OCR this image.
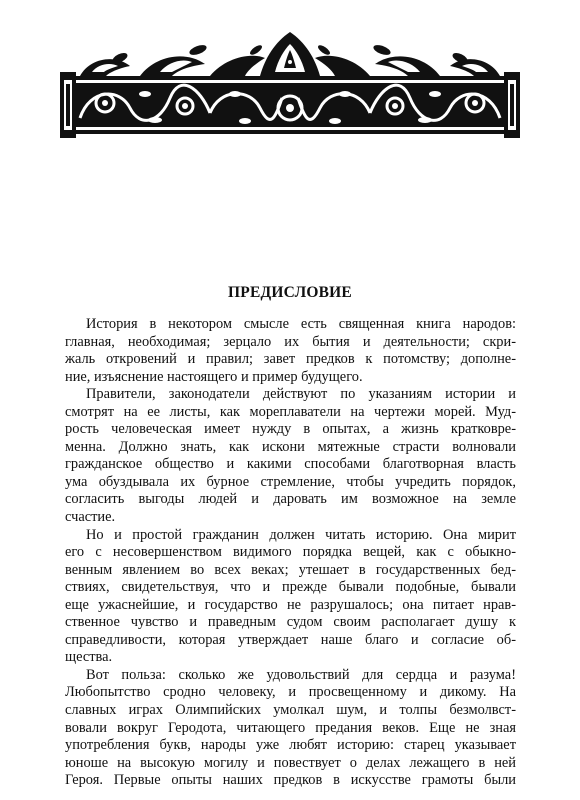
ПРЕДИСЛОВИЕ
История в некотором смысле есть священная книга народов:
главная, необходимая; зерцало их бытия и деятельности; скри-
жаль откровений и правил; завет предков к потомству; дополне-
ние, изъяснение настоящего и пример будущего.
Правители, законодатели действуют по указаниям истории и
смотрят на ее листы, как мореплаватели на чертежи морей. Муд-
рость человеческая имеет нужду в опытах, а жизнь кратковре-
менна. Должно знать, как искони мятежные страсти волновали
гражданское общество и какими способами благотворная власть
ума обуздывала их бурное стремление, чтобы учредить порядок,
согласить выгоды людей и даровать им возможное на земле
счастие.
Но и простой гражданин должен читать историю. Она мирит
его с несовершенством видимого порядка вещей, как с обыкно-
венным явлением во всех веках; утешает в государственных бед-
ствиях, свидетельствуя, что и прежде бывали подобные, бывали
еще ужаснейшие, и государство не разрушалось; она питает нрав-
ственное чувство и праведным судом своим располагает душу к
справедливости, которая утверждает наше благо и согласие об-
щества.
Вот польза: сколько же удовольствий для сердца и разума!
Любопытство сродно человеку, и просвещенному и дикому. На
славных играх Олимпийских умолкал шум, и толпы безмолвст-
вовали вокруг Геродота, читающего предания веков. Еще не зная
употребления букв, народы уже любят историю: старец указывает
юноше на высокую могилу и повествует о делах лежащего в ней
Героя. Первые опыты наших предков в искусстве грамоты были
